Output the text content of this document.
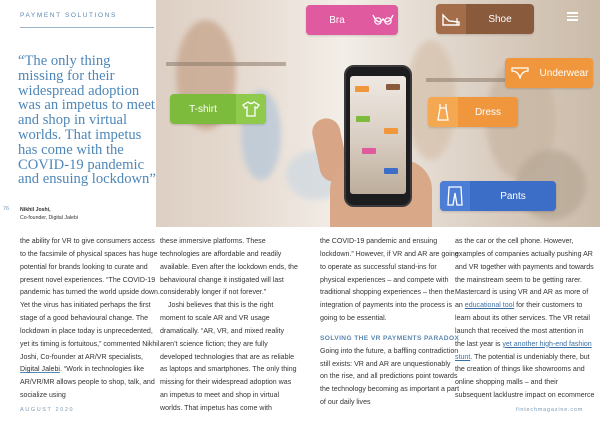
PAYMENT SOLUTIONS
“The only thing missing for their widespread adoption was an impetus to meet and shop in virtual worlds. That impetus has come with the COVID-19 pandemic and ensuing lockdown”
Nikhil Joshi,
Co-founder, Digital Jalebi
76
Bra	Shoe
Underwear
T-shirt	Dress
Pants

the ability for VR to give consumers access to the facsimile of physical spaces has huge potential for brands looking to curate and present novel experiences. “The COVID-19 pandemic has turned the world upside down. Yet the virus has initiated perhaps the first stage of a good behavioural change. The lockdown in place today is unprecedented, yet its timing is fortuitous,” commented Nikhil Joshi, Co-founder at AR/VR specialists, Digital Jalebi. “Work in technologies like AR/VR/MR allows people to shop, talk, and socialize using

these immersive platforms. These technologies are affordable and readily available. Even after the lockdown ends, the behavioural change it instigated will last considerably longer if not forever.”

Joshi believes that this is the right moment to scale AR and VR usage dramatically. “AR, VR, and mixed reality aren’t science fiction; they are fully developed technologies that are as reliable as laptops and smartphones. The only thing missing for their widespread adoption was an impetus to meet and shop in virtual worlds. That impetus has come with

the COVID-19 pandemic and ensuing lockdown.” However, if VR and AR are going to operate as successful stand-ins for physical experiences – and compete with traditional shopping experiences – then the integration of payments into the process is going to be essential.

SOLVING THE VR PAYMENTS PARADOX

Going into the future, a baffling contradiction still exists: VR and AR are unquestionably on the rise, and all predictions point towards the technology becoming as important a part of our daily lives

as the car or the cell phone. However, examples of companies actually pushing AR and VR together with payments and towards the mainstream seem to be getting rarer. Mastercard is using VR and AR as more of an educational tool for their customers to learn about its other services. The VR retail launch that received the most attention in the last year is yet another high-end fashion stunt. The potential is undeniably there, but the creation of things like showrooms and online shopping malls – and their subsequent lacklustre impact on ecommerce

AUGUST 2020	fintechmagazine.com
